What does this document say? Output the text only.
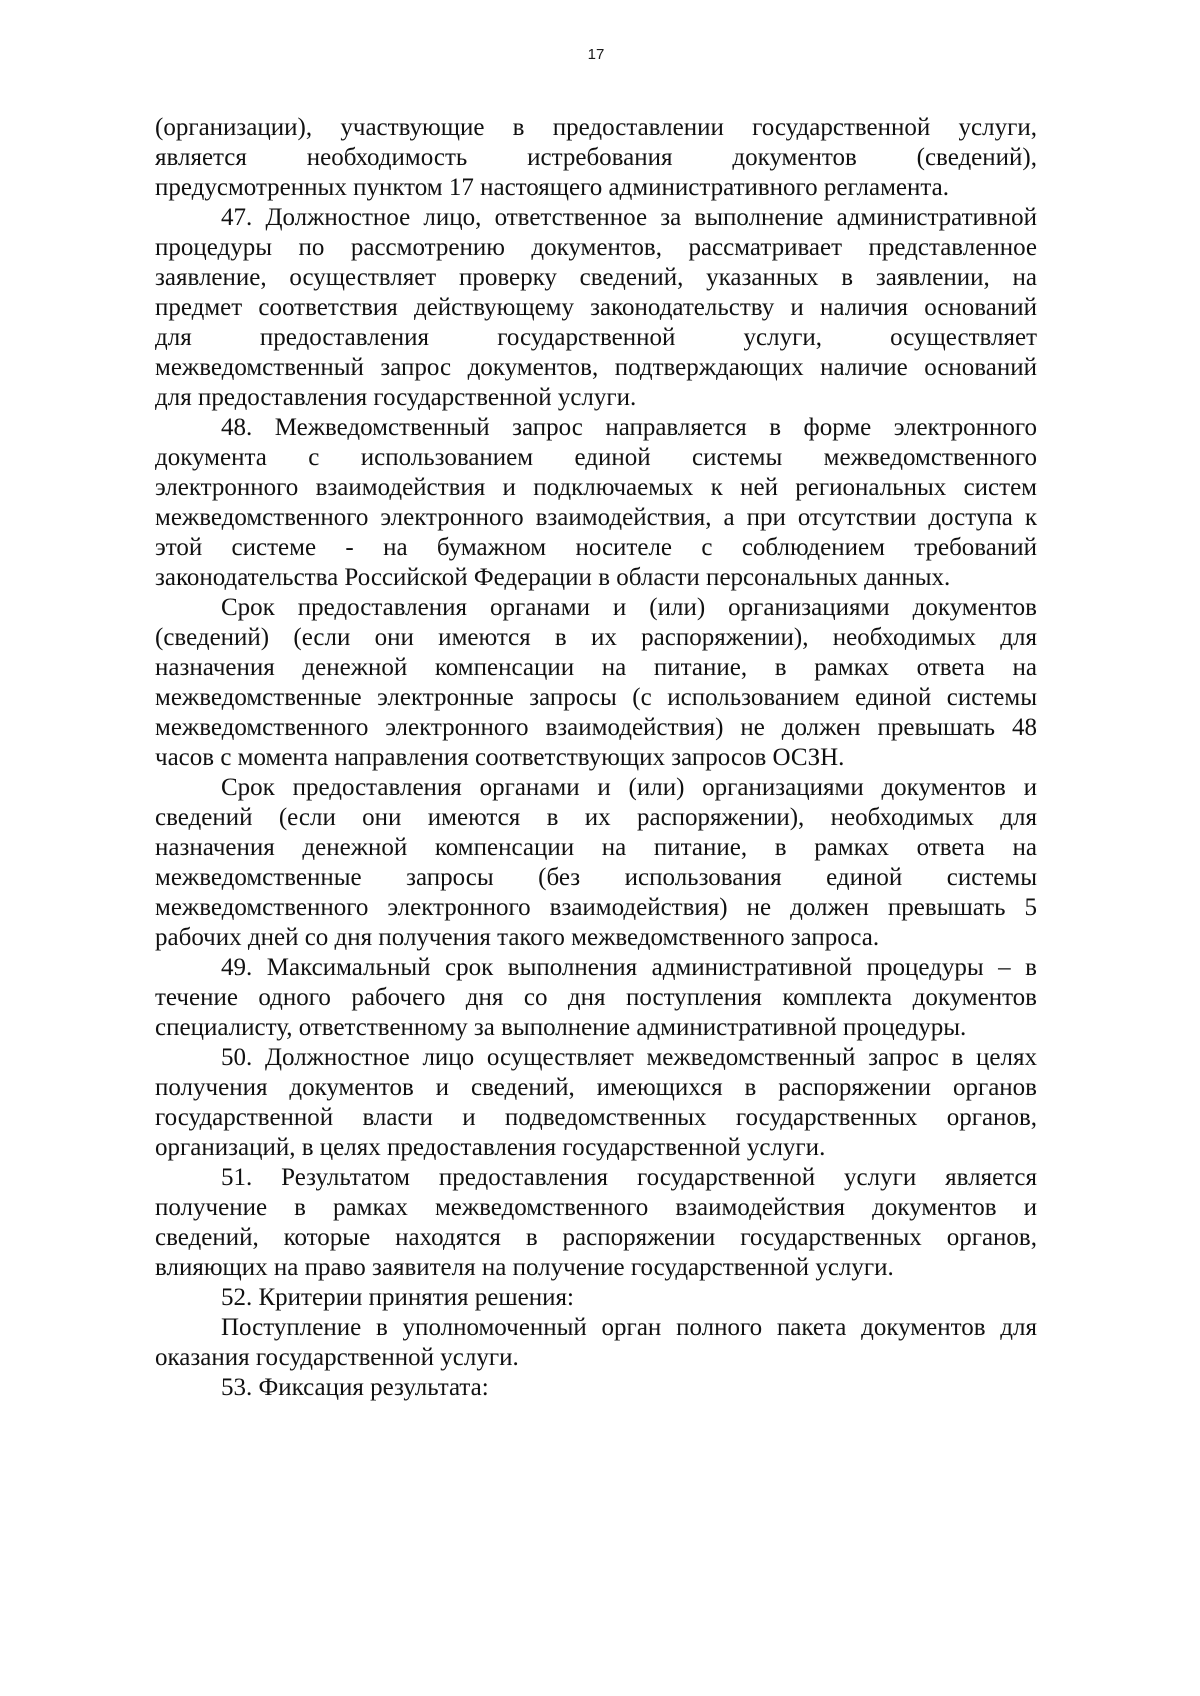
17
(организации), участвующие в предоставлении государственной услуги,
является необходимость истребования документов (сведений),
предусмотренных пунктом 17 настоящего административного регламента.
47. Должностное лицо, ответственное за выполнение административной
процедуры по рассмотрению документов, рассматривает представленное
заявление, осуществляет проверку сведений, указанных в заявлении, на
предмет соответствия действующему законодательству и наличия оснований
для предоставления государственной услуги, осуществляет
межведомственный запрос документов, подтверждающих наличие оснований
для предоставления государственной услуги.
48. Межведомственный запрос направляется в форме электронного
документа с использованием единой системы межведомственного
электронного взаимодействия и подключаемых к ней региональных систем
межведомственного электронного взаимодействия, а при отсутствии доступа к
этой системе - на бумажном носителе с соблюдением требований
законодательства Российской Федерации в области персональных данных.
Срок предоставления органами и (или) организациями документов
(сведений) (если они имеются в их распоряжении), необходимых для
назначения денежной компенсации на питание, в рамках ответа на
межведомственные электронные запросы (с использованием единой системы
межведомственного электронного взаимодействия) не должен превышать 48
часов с момента направления соответствующих запросов ОСЗН.
Срок предоставления органами и (или) организациями документов и
сведений (если они имеются в их распоряжении), необходимых для
назначения денежной компенсации на питание, в рамках ответа на
межведомственные запросы (без использования единой системы
межведомственного электронного взаимодействия) не должен превышать 5
рабочих дней со дня получения такого межведомственного запроса.
49. Максимальный срок выполнения административной процедуры – в
течение одного рабочего дня со дня поступления комплекта документов
специалисту, ответственному за выполнение административной процедуры.
50. Должностное лицо осуществляет межведомственный запрос в целях
получения документов и сведений, имеющихся в распоряжении органов
государственной власти и подведомственных государственных органов,
организаций, в целях предоставления государственной услуги.
51. Результатом предоставления государственной услуги является
получение в рамках межведомственного взаимодействия документов и
сведений, которые находятся в распоряжении государственных органов,
влияющих на право заявителя на получение государственной услуги.
52. Критерии принятия решения:
Поступление в уполномоченный орган полного пакета документов для
оказания государственной услуги.
53. Фиксация результата:
